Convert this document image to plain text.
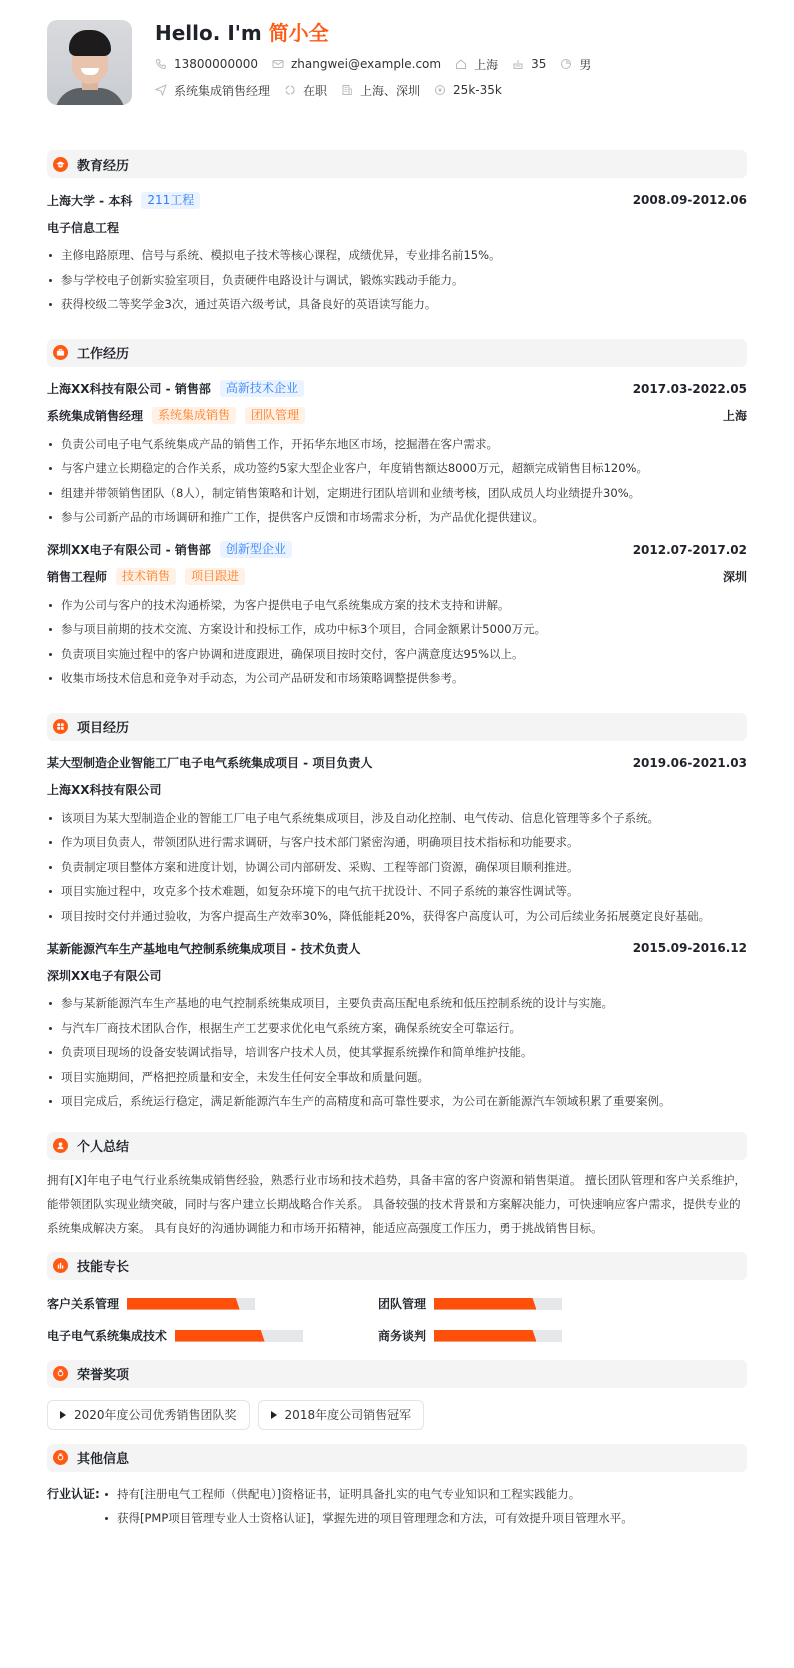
Hello. I'm 简小全
13800000000	zhangwei@example.com	上海	35	男
系统集成销售经理	在职	上海、深圳	25k-35k
教育经历
上海大学 - 本科	211工程	2008.09-2012.06
电子信息工程
主修电路原理、信号与系统、模拟电子技术等核心课程，成绩优异，专业排名前15%。
参与学校电子创新实验室项目，负责硬件电路设计与调试，锻炼实践动手能力。
获得校级二等奖学金3次，通过英语六级考试，具备良好的英语读写能力。
工作经历
上海XX科技有限公司 - 销售部	高新技术企业	2017.03-2022.05
系统集成销售经理	系统集成销售	团队管理	上海
负责公司电子电气系统集成产品的销售工作，开拓华东地区市场，挖掘潜在客户需求。
与客户建立长期稳定的合作关系，成功签约5家大型企业客户，年度销售额达8000万元，超额完成销售目标120%。
组建并带领销售团队（8人），制定销售策略和计划，定期进行团队培训和业绩考核，团队成员人均业绩提升30%。
参与公司新产品的市场调研和推广工作，提供客户反馈和市场需求分析，为产品优化提供建议。
深圳XX电子有限公司 - 销售部	创新型企业	2012.07-2017.02
销售工程师	技术销售	项目跟进	深圳
作为公司与客户的技术沟通桥梁，为客户提供电子电气系统集成方案的技术支持和讲解。
参与项目前期的技术交流、方案设计和投标工作，成功中标3个项目，合同金额累计5000万元。
负责项目实施过程中的客户协调和进度跟进，确保项目按时交付，客户满意度达95%以上。
收集市场技术信息和竞争对手动态，为公司产品研发和市场策略调整提供参考。
项目经历
某大型制造企业智能工厂电子电气系统集成项目 - 项目负责人	2019.06-2021.03
上海XX科技有限公司
该项目为某大型制造企业的智能工厂电子电气系统集成项目，涉及自动化控制、电气传动、信息化管理等多个子系统。
作为项目负责人，带领团队进行需求调研，与客户技术部门紧密沟通，明确项目技术指标和功能要求。
负责制定项目整体方案和进度计划，协调公司内部研发、采购、工程等部门资源，确保项目顺利推进。
项目实施过程中，攻克多个技术难题，如复杂环境下的电气抗干扰设计、不同子系统的兼容性调试等。
项目按时交付并通过验收，为客户提高生产效率30%，降低能耗20%，获得客户高度认可，为公司后续业务拓展奠定良好基础。
某新能源汽车生产基地电气控制系统集成项目 - 技术负责人	2015.09-2016.12
深圳XX电子有限公司
参与某新能源汽车生产基地的电气控制系统集成项目，主要负责高压配电系统和低压控制系统的设计与实施。
与汽车厂商技术团队合作，根据生产工艺要求优化电气系统方案，确保系统安全可靠运行。
负责项目现场的设备安装调试指导，培训客户技术人员，使其掌握系统操作和简单维护技能。
项目实施期间，严格把控质量和安全，未发生任何安全事故和质量问题。
项目完成后，系统运行稳定，满足新能源汽车生产的高精度和高可靠性要求，为公司在新能源汽车领域积累了重要案例。
个人总结

拥有[X]年电子电气行业系统集成销售经验，熟悉行业市场和技术趋势，具备丰富的客户资源和销售渠道。 擅长团队管理和客户关系维护，能带领团队实现业绩突破，同时与客户建立长期战略合作关系。 具备较强的技术背景和方案解决能力，可快速响应客户需求，提供专业的系统集成解决方案。 具有良好的沟通协调能力和市场开拓精神，能适应高强度工作压力，勇于挑战销售目标。

技能专长
客户关系管理	团队管理
电子电气系统集成技术	商务谈判
荣誉奖项
2020年度公司优秀销售团队奖	2018年度公司销售冠军
其他信息
行业认证:	持有[注册电气工程师（供配电）]资格证书，证明具备扎实的电气专业知识和工程实践能力。
获得[PMP项目管理专业人士资格认证]，掌握先进的项目管理理念和方法，可有效提升项目管理水平。
